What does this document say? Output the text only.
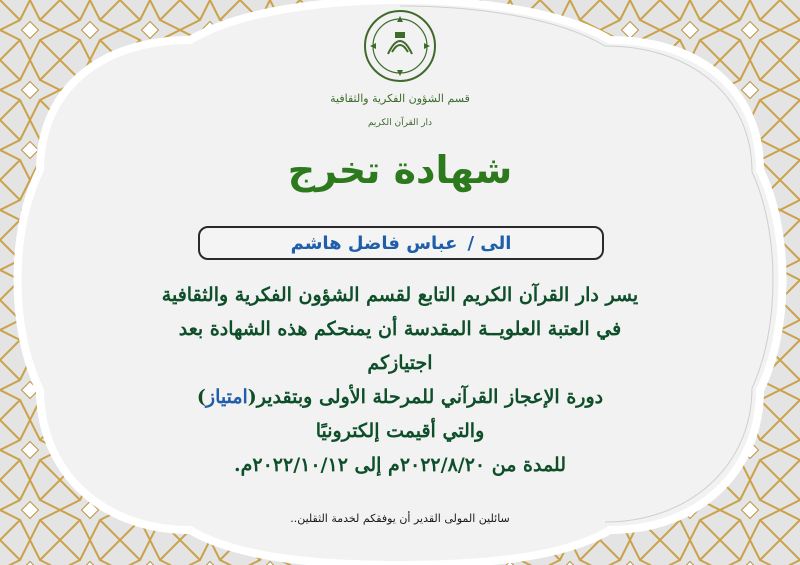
قسم الشؤون الفكرية والثقافية
دار القرآن الكريم
شهادة تخرج
الى /
عباس فاضل هاشم
يسر دار القرآن الكريم التابع لقسم الشؤون الفكرية والثقافية
في العتبة العلويــة المقدسة أن يمنحكم هذه الشهادة بعد اجتيازكم
دورة الإعجاز القرآني للمرحلة الأولى وبتقدير(امتياز)
والتي أقيمت إلكترونيًا
للمدة من ٢٠٢٢/٨/٢٠م إلى ٢٠٢٢/١٠/١٢م.
سائلين المولى القدير أن يوفقكم لخدمة الثقلين..
